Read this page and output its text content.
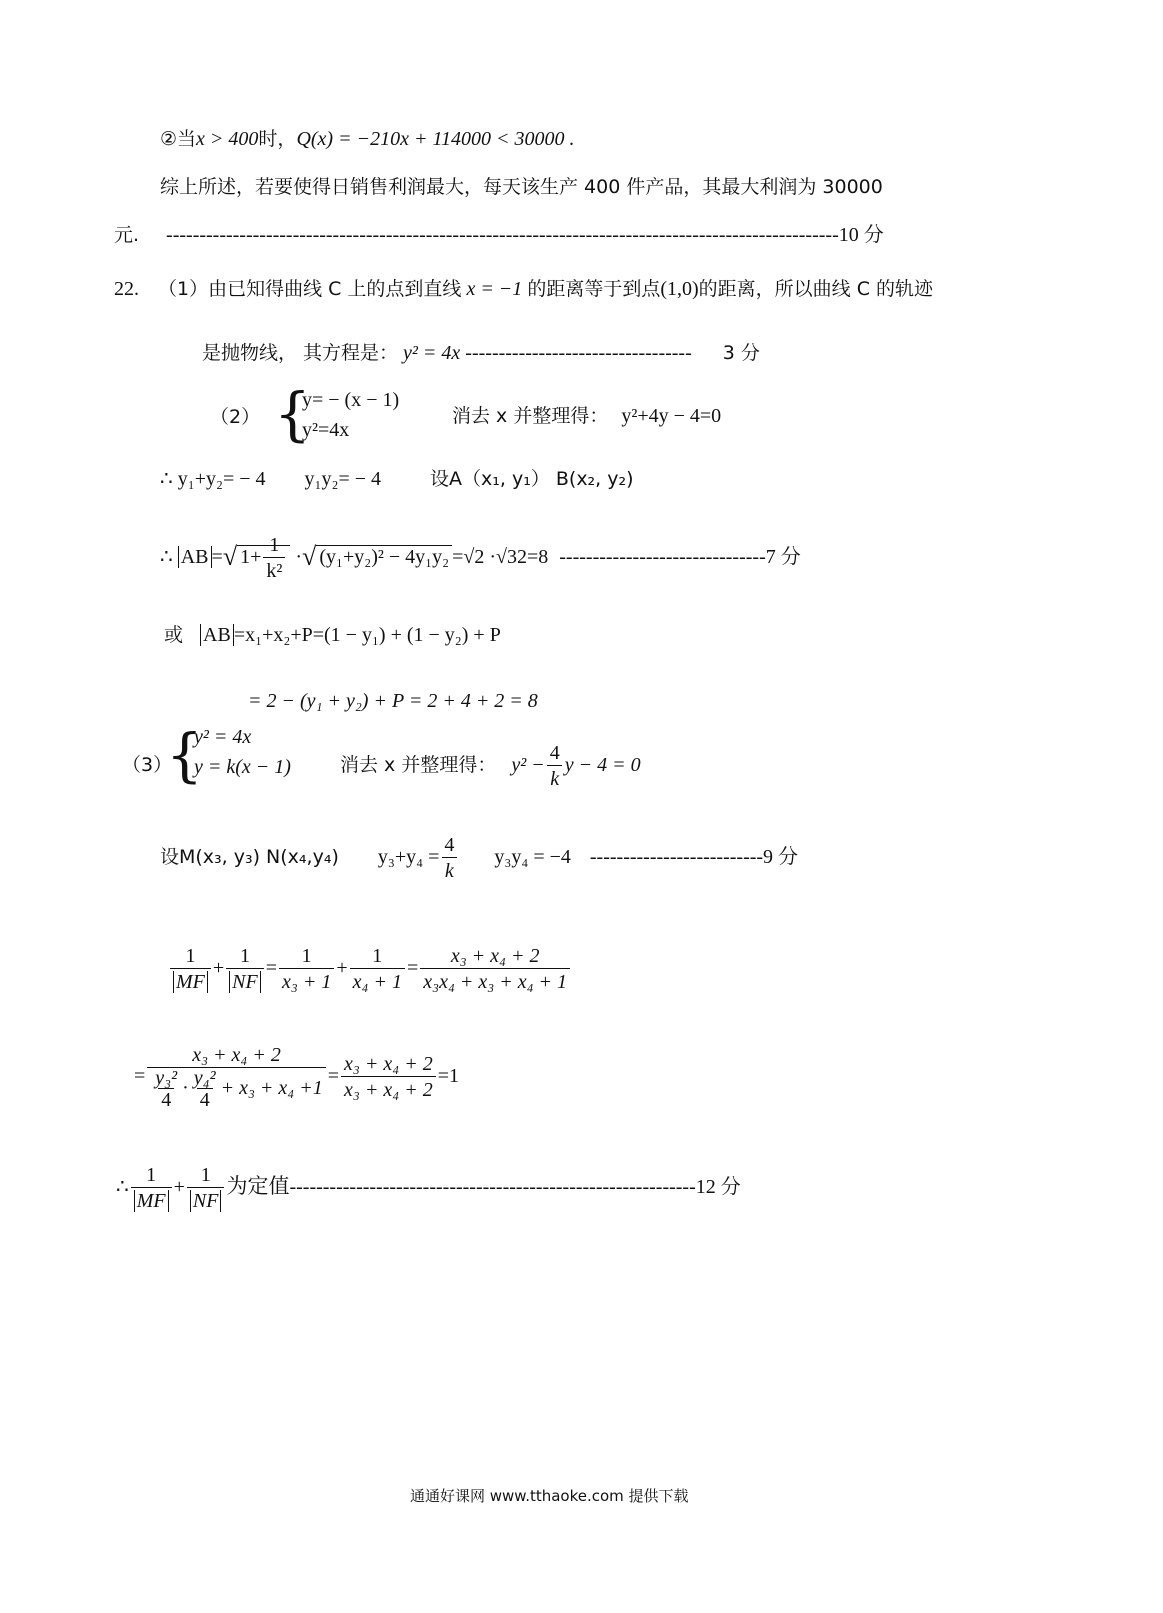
②当x > 400时，Q(x) = −210x + 114000 < 30000 .
综上所述，若要使得日销售利润最大，每天该生产 400 件产品，其最大利润为 30000
元. -----------------------------------------------------------------------------------------------------10 分
22. （1）由已知得曲线 C 上的点到直线 x = −1 的距离等于到点(1,0)的距离，所以曲线 C 的轨迹
是抛物线， 其方程是： y² = 4x ---------------------------------- 3 分
（2） {
y= − (x − 1)
y²=4x
消去 x 并整理得： y²+4y − 4=0
∴ y₁+y₂= − 4 y₁y₂= − 4	设A（x₁, y₁） B(x₂, y₂)
∴ AB =√ $1+ \frac{1}{\text{k²}}$ ·√ (y₁+y₂)² − 4y₁y₂ =√2 ·√32=8 -------------------------------7 分
或 AB =x₁+x₂+P=(1 − y₁) + (1 − y₂) + P
= 2 − (y₁ + y₂) + P = 2 + 4 + 2 = 8
（3）
{
y² = 4x
y = k(x − 1)	消去 x 并整理得： $y^2 - \frac{4}{k}$ y − 4 = 0
设M(x₃, y₃) N(x₄,y₄) $y_3+y_4 = \frac{4}{k} y_3y_4 = -4$ --------------------------9 分
$\frac{1}{MF} + \frac{1}{NF} = \frac{1}{\text{x₃ + 1}} + \frac{1}{\text{x₄ + 1}} = \frac{\text{x₃ + x₄ + 2}}{\text{x₃x₄ + x₃ + x₄ + 1}}$
= $\frac{\text{x₃ + x₄ + 2}}{\frac{\text{y₃²}}{4} \cdot \frac{\text{y₄²}}{4} + x_3 + x_4 +1} = \frac{\text{x₃ + x₄ + 2}}{\text{x₃ + x₄ + 2}} =1$
∴ $\frac{1}{MF} + \frac{1}{NF}$ 为定值-------------------------------------------------------------12 分
通通好课网 www.tthaoke.com 提供下载
